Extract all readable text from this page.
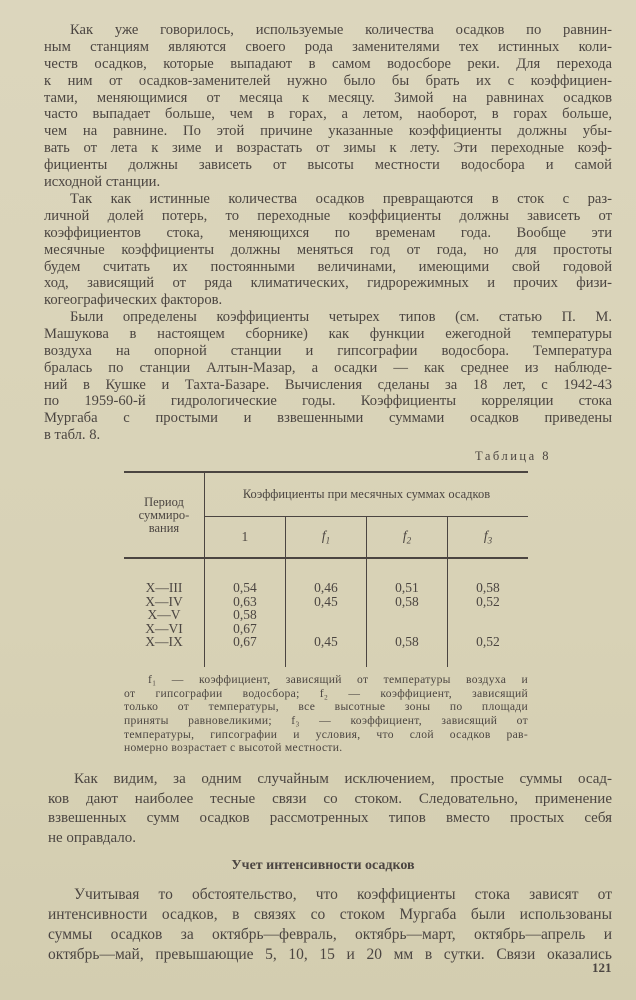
Как уже говорилось, используемые количества осадков по равнин-
ным станциям являются своего рода заменителями тех истинных коли-
честв осадков, которые выпадают в самом водосборе реки. Для перехода
к ним от осадков-заменителей нужно было бы брать их с коэффициен-
тами, меняющимися от месяца к месяцу. Зимой на равнинах осадков
часто выпадает больше, чем в горах, а летом, наоборот, в горах больше,
чем на равнине. По этой причине указанные коэффициенты должны убы-
вать от лета к зиме и возрастать от зимы к лету. Эти переходные коэф-
фициенты должны зависеть от высоты местности водосбора и самой
исходной станции.
Так как истинные количества осадков превращаются в сток с раз-
личной долей потерь, то переходные коэффициенты должны зависеть от
коэффициентов стока, меняющихся по временам года. Вообще эти
месячные коэффициенты должны меняться год от года, но для простоты
будем считать их постоянными величинами, имеющими свой годовой
ход, зависящий от ряда климатических, гидрорежимных и прочих физи-
когеографических факторов.
Были определены коэффициенты четырех типов (см. статью П. М.
Машукова в настоящем сборнике) как функции ежегодной температуры
воздуха на опорной станции и гипсографии водосбора. Температура
бралась по станции Алтын-Мазар, а осадки — как среднее из наблюде-
ний в Кушке и Тахта-Базаре. Вычисления сделаны за 18 лет, с 1942-43
по 1959-60-й гидрологические годы. Коэффициенты корреляции стока
Мургаба с простыми и взвешенными суммами осадков приведены
в табл. 8.
Таблица 8
Период суммиро-вания	Коэффициенты при месячных суммах осадков			
	1	$f_1$	$f_2$	$f_3$
X—III	0,54	0,46	0,51	0,58
X—IV	0,63	0,45	0,58	0,52
X—V	0,58			
X—VI	0,67			
X—IX	0,67	0,45	0,58	0,52
f₁ — коэффициент, зависящий от температуры воздуха и
от гипсографии водосбора; f₂ — коэффициент, зависящий
только от температуры, все высотные зоны по площади
приняты равновеликими; f₃ — коэффициент, зависящий от
температуры, гипсографии и условия, что слой осадков рав-
номерно возрастает с высотой местности.
Как видим, за одним случайным исключением, простые суммы осад-
ков дают наиболее тесные связи со стоком. Следовательно, применение
взвешенных сумм осадков рассмотренных типов вместо простых себя
не оправдало.
Учет интенсивности осадков
Учитывая то обстоятельство, что коэффициенты стока зависят от
интенсивности осадков, в связях со стоком Мургаба были использованы
суммы осадков за октябрь—февраль, октябрь—март, октябрь—апрель и
октябрь—май, превышающие 5, 10, 15 и 20 мм в сутки. Связи оказались
121
